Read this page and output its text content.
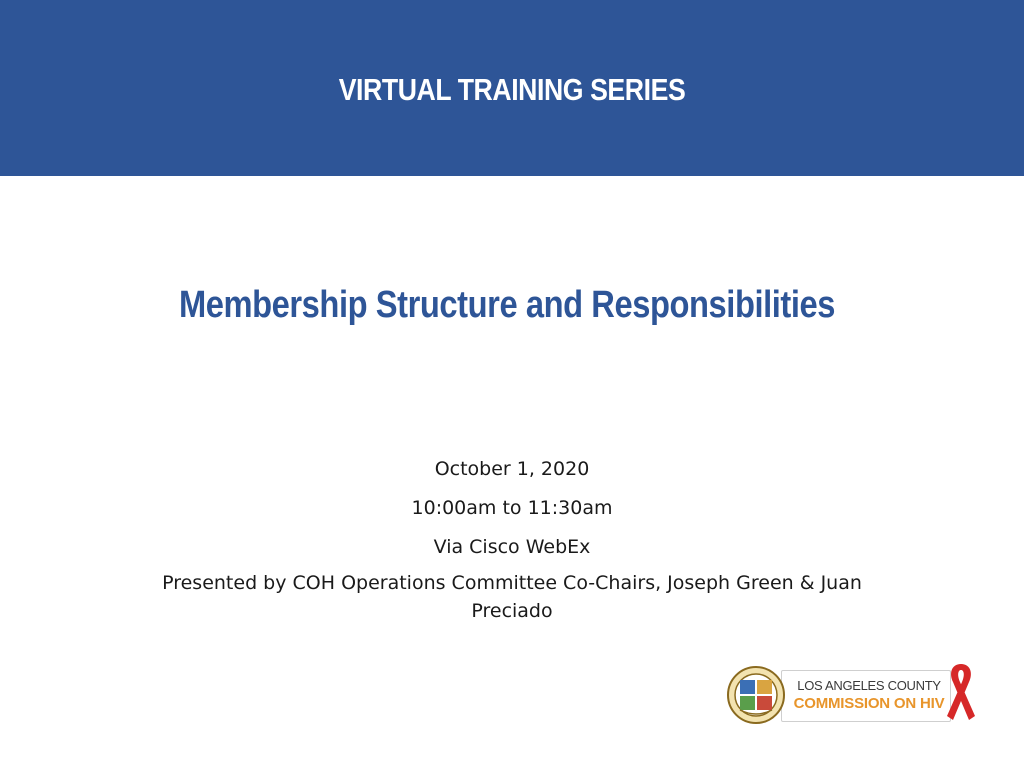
VIRTUAL TRAINING SERIES
Membership Structure and Responsibilities
October 1, 2020
10:00am to 11:30am
Via Cisco WebEx
Presented by COH Operations Committee Co-Chairs, Joseph Green & Juan Preciado
LOS ANGELES COUNTY
COMMISSION ON HIV
